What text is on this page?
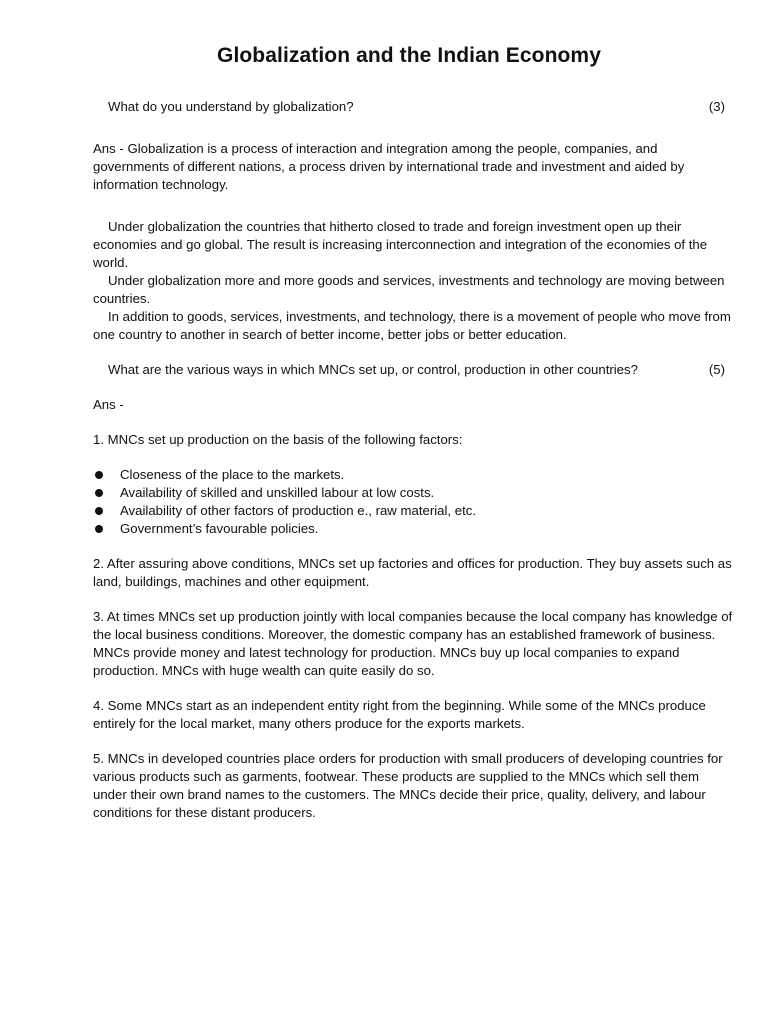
Globalization and the Indian Economy
What do you understand by globalization?	(3)

Ans - Globalization is a process of interaction and integration among the people, companies, and governments of different nations, a process driven by international trade and investment and aided by information technology.

Under globalization the countries that hitherto closed to trade and foreign investment open up their economies and go global. The result is increasing interconnection and integration of the economies of the world.

Under globalization more and more goods and services, investments and technology are moving between countries.

In addition to goods, services, investments, and technology, there is a movement of people who move from one country to another in search of better income, better jobs or better education.

What are the various ways in which MNCs set up, or control, production in other countries?	(5)

Ans -

1. MNCs set up production on the basis of the following factors:

Closeness of the place to the markets.
Availability of skilled and unskilled labour at low costs.
Availability of other factors of production e., raw material, etc.
Government’s favourable policies.

2. After assuring above conditions, MNCs set up factories and offices for production. They buy assets such as land, buildings, machines and other equipment.

3. At times MNCs set up production jointly with local companies because the local company has knowledge of the local business conditions. Moreover, the domestic company has an established framework of business. MNCs provide money and latest technology for production. MNCs buy up local companies to expand production. MNCs with huge wealth can quite easily do so.

4. Some MNCs start as an independent entity right from the beginning. While some of the MNCs produce entirely for the local market, many others produce for the exports markets.

5. MNCs in developed countries place orders for production with small producers of developing countries for various products such as garments, footwear. These products are supplied to the MNCs which sell them under their own brand names to the customers. The MNCs decide their price, quality, delivery, and labour conditions for these distant producers.
